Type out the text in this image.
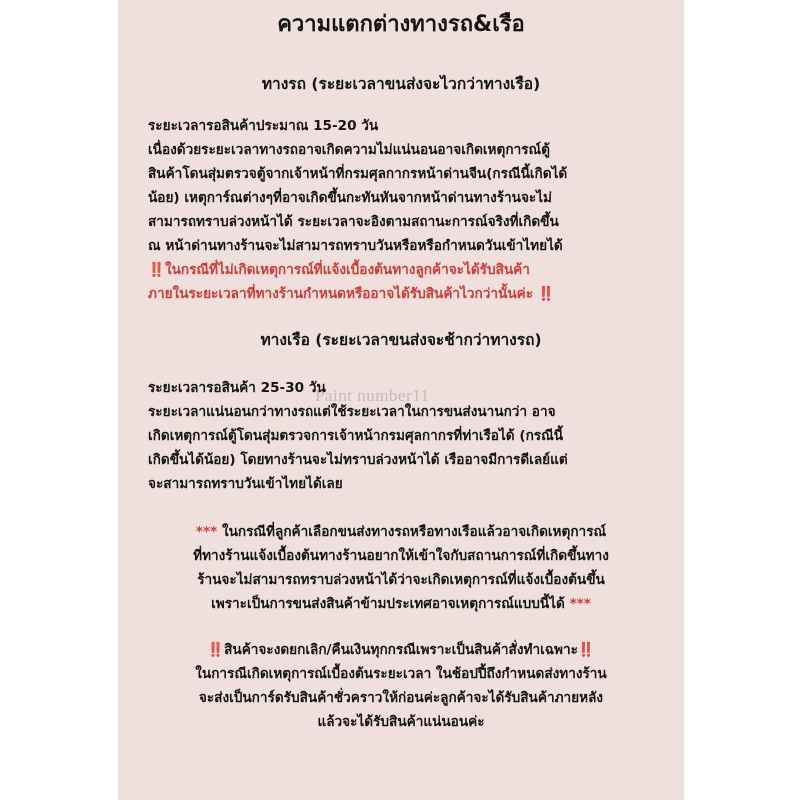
ความแตกต่างทางรถ&เรือ
ทางรถ (ระยะเวลาขนส่งจะไวกว่าทางเรือ)
ระยะเวลารอสินค้าประมาณ 15-20 วัน
เนื่องด้วยระยะเวลาทางรถอาจเกิดความไม่แน่นอนอาจเกิดเหตุการณ์ตู้
สินค้าโดนสุ่มตรวจตู้จากเจ้าหน้าที่กรมศุลกากรหน้าด่านจีน(กรณีนี้เกิดได้
น้อย) เหตุการ์ณต่างๆที่อาจเกิดขึ้นกะทันหันจากหน้าด่านทางร้านจะไม่
สามารถทราบล่วงหน้าได้ ระยะเวลาจะอิงตามสถานะการณ์จริงที่เกิดขึ้น
ณ หน้าด่านทางร้านจะไม่สามารถทราบวันหรือหรือกำหนดวันเข้าไทยได้
‼️ในกรณีที่ไม่เกิดเหตุการณ์ที่แจ้งเบื้องต้นทางลูกค้าจะได้รับสินค้า
ภายในระยะเวลาที่ทางร้านกำหนดหรืออาจได้รับสินค้าไวกว่านั้นค่ะ ‼️
ทางเรือ (ระยะเวลาขนส่งจะช้ากว่าทางรถ)
ระยะเวลารอสินค้า 25-30 วัน
ระยะเวลาแน่นอนกว่าทางรถแต่ใช้ระยะเวลาในการขนส่งนานกว่า อาจ
เกิดเหตุการณ์ตู้โดนสุ่มตรวจการเจ้าหน้ากรมศุลกากรที่ท่าเรือได้ (กรณีนี้
เกิดขึ้นได้น้อย) โดยทางร้านจะไม่ทราบล่วงหน้าได้ เรืออาจมีการดีเลย์แต่
จะสามารถทราบวันเข้าไทยได้เลย
*** ในกรณีที่ลูกค้าเลือกขนส่งทางรถหรือทางเรือแล้วอาจเกิดเหตุการณ์
ที่ทางร้านแจ้งเบื้องต้นทางร้านอยากให้เข้าใจกับสถานการณ์ที่เกิดขึ้นทาง
ร้านจะไม่สามารถทราบล่วงหน้าได้ว่าจะเกิดเหตุการณ์ที่แจ้งเบื้องต้นขึ้น
เพราะเป็นการขนส่งสินค้าข้ามประเทศอาจเหตุการณ์แบบนี้ได้ ***
‼️สินค้าจะงดยกเลิก/คืนเงินทุกกรณีเพราะเป็นสินค้าสั่งทำเฉพาะ‼️
ในการณีเกิดเหตุการณ์เบื้องต้นระยะเวลา ในช้อปปี้ถึงกำหนดส่งทางร้าน
จะส่งเป็นการ์ดรับสินค้าชั่วคราวให้ก่อนค่ะลูกค้าจะได้รับสินค้าภายหลัง
แล้วจะได้รับสินค้าแน่นอนค่ะ
Paint number11
